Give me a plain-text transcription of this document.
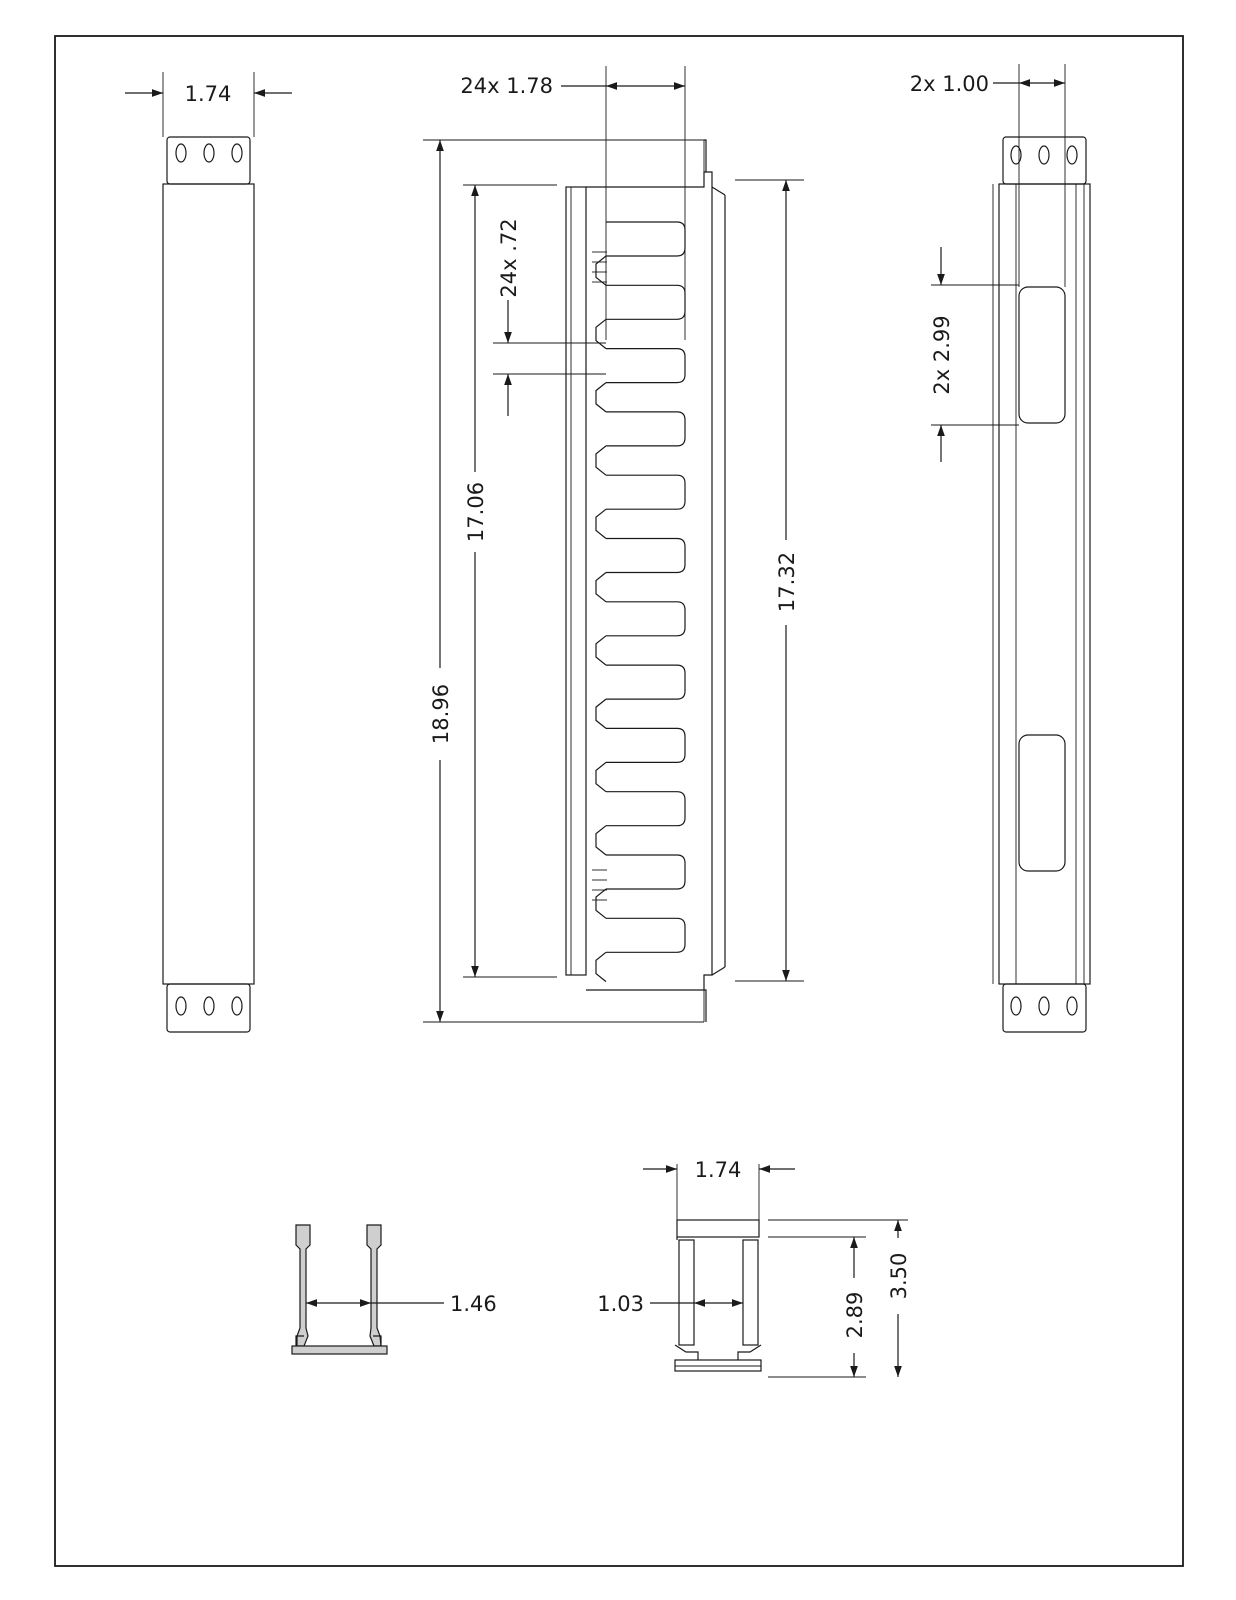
1.74	24x 1.78
24x .72
17.06
18.96
17.32
2x 1.00
2x 2.99
1.46
1.74
1.03	2.89
3.50
